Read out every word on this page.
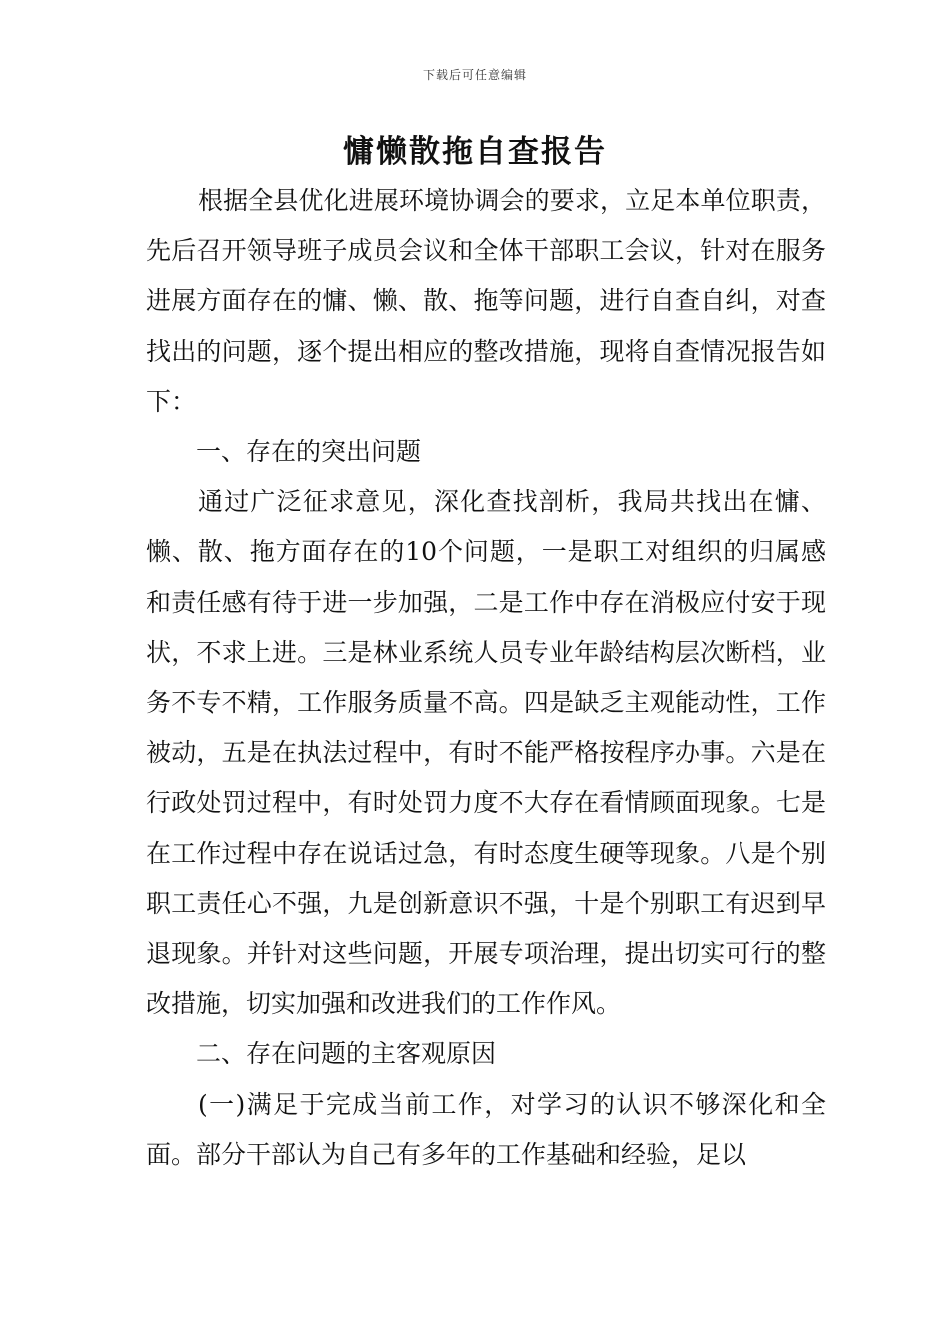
下载后可任意编辑
慵懒散拖自查报告

根据全县优化进展环境协调会的要求，立足本单位职责，先后召开领导班子成员会议和全体干部职工会议，针对在服务进展方面存在的慵、懒、散、拖等问题，进行自查自纠，对查找出的问题，逐个提出相应的整改措施，现将自查情况报告如下：

一、存在的突出问题

通过广泛征求意见，深化查找剖析，我局共找出在慵、懒、散、拖方面存在的10个问题，一是职工对组织的归属感和责任感有待于进一步加强，二是工作中存在消极应付安于现状，不求上进。三是林业系统人员专业年龄结构层次断档，业务不专不精，工作服务质量不高。四是缺乏主观能动性，工作被动，五是在执法过程中，有时不能严格按程序办事。六是在行政处罚过程中，有时处罚力度不大存在看情顾面现象。七是在工作过程中存在说话过急，有时态度生硬等现象。八是个别职工责任心不强，九是创新意识不强，十是个别职工有迟到早退现象。并针对这些问题，开展专项治理，提出切实可行的整改措施，切实加强和改进我们的工作作风。

二、存在问题的主客观原因

(一)满足于完成当前工作，对学习的认识不够深化和全面。部分干部认为自己有多年的工作基础和经验，足以
